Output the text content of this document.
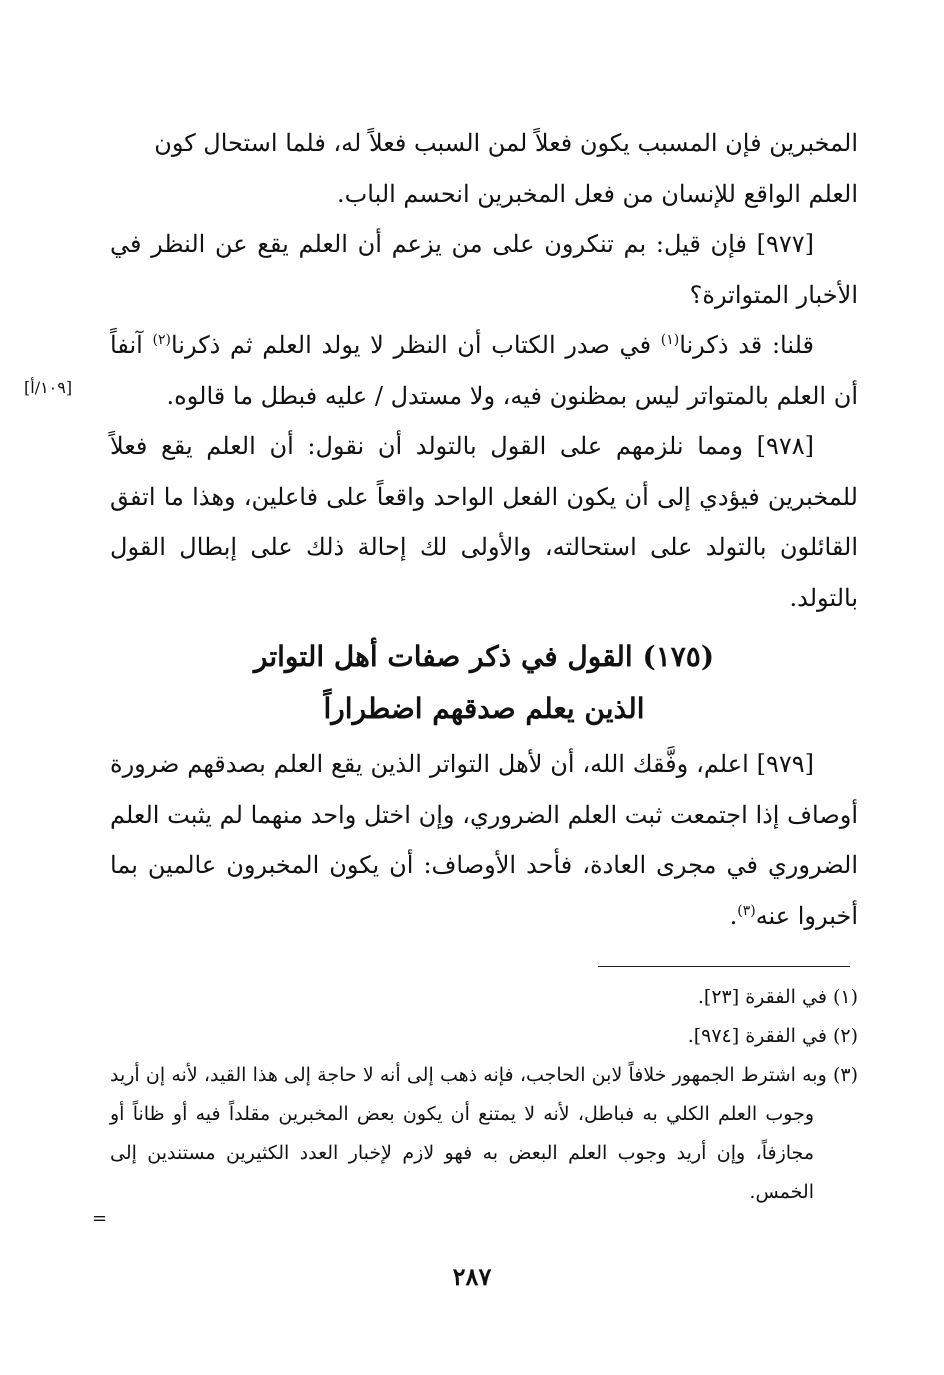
المخبرين فإن المسبب يكون فعلاً لمن السبب فعلاً له، فلما استحال كون
العلم الواقع للإنسان من فعل المخبرين انحسم الباب.

[٩٧٧] فإن قيل: بم تنكرون على من يزعم أن العلم يقع عن النظر في الأخبار المتواترة؟

قلنا: قد ذكرنا$^{(١)}$ في صدر الكتاب أن النظر لا يولد العلم ثم ذكرنا$^{(٢)}$ آنفاً أن العلم بالمتواتر ليس بمظنون فيه، ولا مستدل / عليه فبطل ما قالوه.

[٩٧٨] ومما نلزمهم على القول بالتولد أن نقول: أن العلم يقع فعلاً للمخبرين فيؤدي إلى أن يكون الفعل الواحد واقعاً على فاعلين، وهذا ما اتفق القائلون بالتولد على استحالته، والأولى لك إحالة ذلك على إبطال القول بالتولد.

(١٧٥) القول في ذكر صفات أهل التواتر
الذين يعلم صدقهم اضطراراً

[٩٧٩] اعلم، وفَّقك الله، أن لأهل التواتر الذين يقع العلم بصدقهم ضرورة أوصاف إذا اجتمعت ثبت العلم الضروري، وإن اختل واحد منهما لم يثبت العلم الضروري في مجرى العادة، فأحد الأوصاف: أن يكون المخبرون عالمين بما أخبروا عنه$^{(٣)}$.

[١٠٩/أ]

(١) في الفقرة [٢٣].

(٢) في الفقرة [٩٧٤].

(٣) وبه اشترط الجمهور خلافاً لابن الحاجب، فإنه ذهب إلى أنه لا حاجة إلى هذا القيد، لأنه إن أريد وجوب العلم الكلي به فباطل، لأنه لا يمتنع أن يكون بعض المخبرين مقلداً فيه أو ظاناً أو مجازفاً، وإن أريد وجوب العلم البعض به فهو لازم لإخبار العدد الكثيرين مستندين إلى الخمس.

=
٢٨٧
